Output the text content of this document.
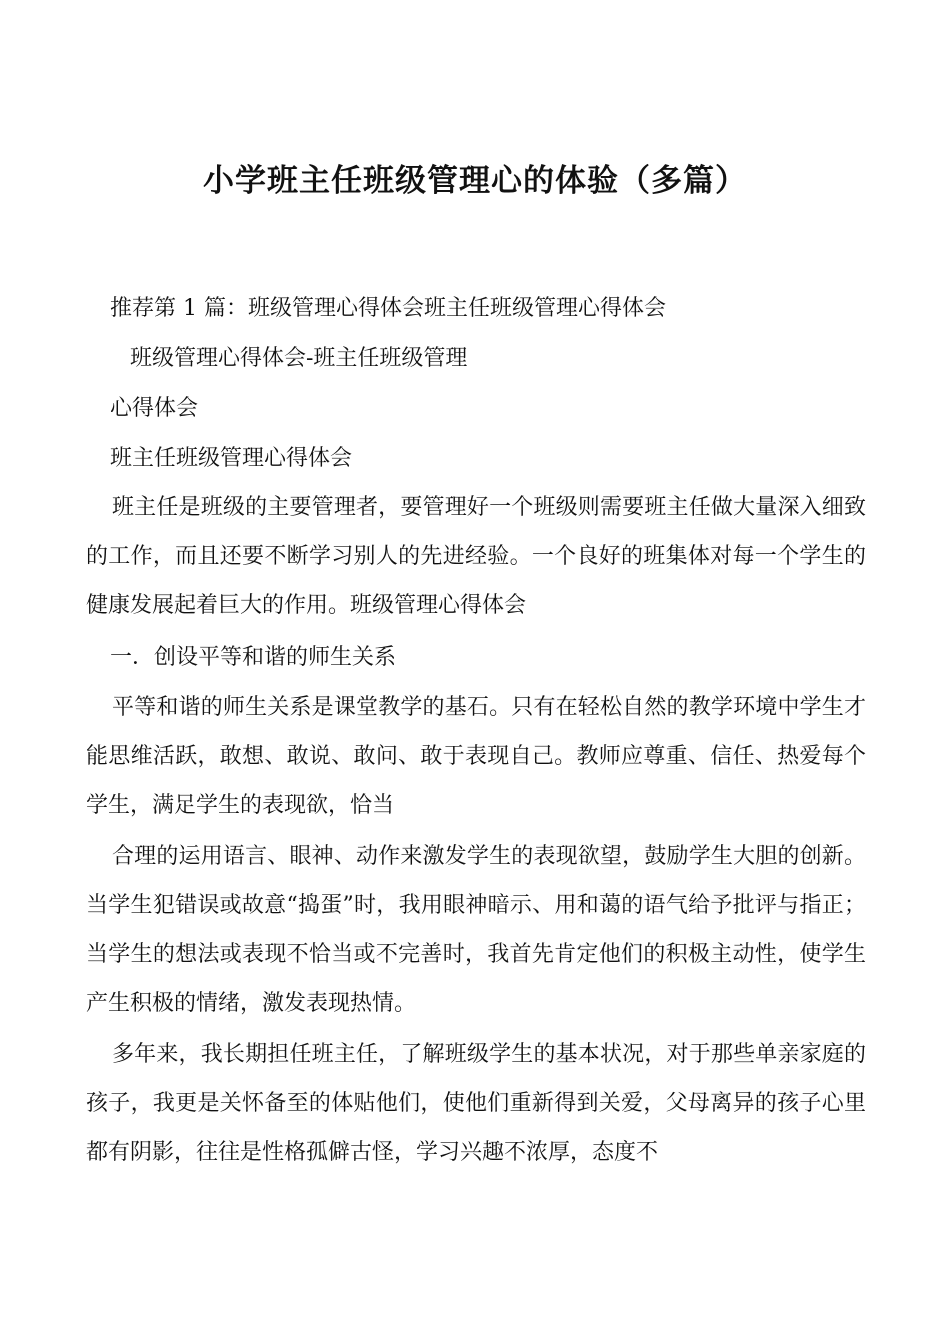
小学班主任班级管理心的体验（多篇）
推荐第 1 篇：班级管理心得体会班主任班级管理心得体会
班级管理心得体会-班主任班级管理
心得体会
班主任班级管理心得体会
班主任是班级的主要管理者，要管理好一个班级则需要班主任做大量深入细致的工作，而且还要不断学习别人的先进经验。一个良好的班集体对每一个学生的健康发展起着巨大的作用。班级管理心得体会
一．创设平等和谐的师生关系
平等和谐的师生关系是课堂教学的基石。只有在轻松自然的教学环境中学生才能思维活跃，敢想、敢说、敢问、敢于表现自己。教师应尊重、信任、热爱每个学生，满足学生的表现欲，恰当
合理的运用语言、眼神、动作来激发学生的表现欲望，鼓励学生大胆的创新。当学生犯错误或故意“捣蛋”时，我用眼神暗示、用和蔼的语气给予批评与指正；当学生的想法或表现不恰当或不完善时，我首先肯定他们的积极主动性，使学生产生积极的情绪，激发表现热情。
多年来，我长期担任班主任，了解班级学生的基本状况，对于那些单亲家庭的孩子，我更是关怀备至的体贴他们，使他们重新得到关爱，父母离异的孩子心里都有阴影，往往是性格孤僻古怪，学习兴趣不浓厚，态度不
